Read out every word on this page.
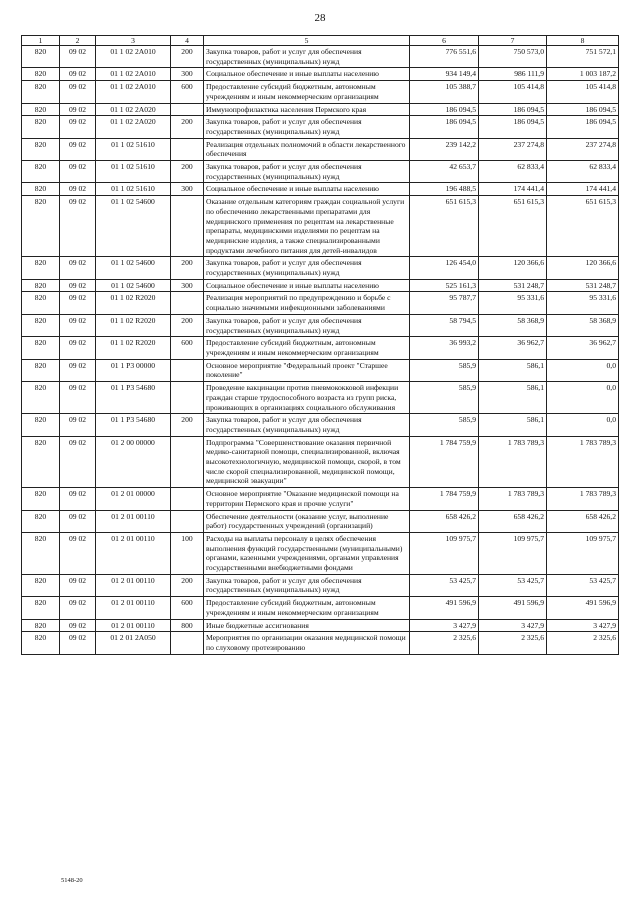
28
1	2	3	4	5	6	7	8
820	09 02	01 1 02 2A010	200	Закупка товаров, работ и услуг для обеспечения государственных (муниципальных) нужд	776 551,6	750 573,0	751 572,1
820	09 02	01 1 02 2A010	300	Социальное обеспечение и иные выплаты населению	934 149,4	986 111,9	1 003 187,2
820	09 02	01 1 02 2A010	600	Предоставление субсидий бюджетным, автономным учреждениям и иным некоммерческим организациям	105 388,7	105 414,8	105 414,8
820	09 02	01 1 02 2A020		Иммунопрофилактика населения Пермского края	186 094,5	186 094,5	186 094,5
820	09 02	01 1 02 2A020	200	Закупка товаров, работ и услуг для обеспечения государственных (муниципальных) нужд	186 094,5	186 094,5	186 094,5
820	09 02	01 1 02 51610		Реализация отдельных полномочий в области лекарственного обеспечения	239 142,2	237 274,8	237 274,8
820	09 02	01 1 02 51610	200	Закупка товаров, работ и услуг для обеспечения государственных (муниципальных) нужд	42 653,7	62 833,4	62 833,4
820	09 02	01 1 02 51610	300	Социальное обеспечение и иные выплаты населению	196 488,5	174 441,4	174 441,4
820	09 02	01 1 02 54600		Оказание отдельным категориям граждан социальной услуги по обеспечению лекарственными препаратами для медицинского применения по рецептам на лекарственные препараты, медицинскими изделиями по рецептам на медицинские изделия, а также специализированными продуктами лечебного питания для детей-инвалидов	651 615,3	651 615,3	651 615,3
820	09 02	01 1 02 54600	200	Закупка товаров, работ и услуг для обеспечения государственных (муниципальных) нужд	126 454,0	120 366,6	120 366,6
820	09 02	01 1 02 54600	300	Социальное обеспечение и иные выплаты населению	525 161,3	531 248,7	531 248,7
820	09 02	01 1 02 R2020		Реализация мероприятий по предупреждению и борьбе с социально значимыми инфекционными заболеваниями	95 787,7	95 331,6	95 331,6
820	09 02	01 1 02 R2020	200	Закупка товаров, работ и услуг для обеспечения государственных (муниципальных) нужд	58 794,5	58 368,9	58 368,9
820	09 02	01 1 02 R2020	600	Предоставление субсидий бюджетным, автономным учреждениям и иным некоммерческим организациям	36 993,2	36 962,7	36 962,7
820	09 02	01 1 P3 00000		Основное мероприятие "Федеральный проект "Старшее поколение"	585,9	586,1	0,0
820	09 02	01 1 P3 54680		Проведение вакцинации против пневмококковой инфекции граждан старше трудоспособного возраста из групп риска, проживающих в организациях социального обслуживания	585,9	586,1	0,0
820	09 02	01 1 P3 54680	200	Закупка товаров, работ и услуг для обеспечения государственных (муниципальных) нужд	585,9	586,1	0,0
820	09 02	01 2 00 00000		Подпрограмма "Совершенствование оказания первичной медико-санитарной помощи, специализированной, включая высокотехнологичную, медицинской помощи, скорой, в том числе скорой специализированной, медицинской помощи, медицинской эвакуации"	1 784 759,9	1 783 789,3	1 783 789,3
820	09 02	01 2 01 00000		Основное мероприятие "Оказание медицинской помощи на территории Пермского края и прочие услуги"	1 784 759,9	1 783 789,3	1 783 789,3
820	09 02	01 2 01 00110		Обеспечение деятельности (оказание услуг, выполнение работ) государственных учреждений (организаций)	658 426,2	658 426,2	658 426,2
820	09 02	01 2 01 00110	100	Расходы на выплаты персоналу в целях обеспечения выполнения функций государственными (муниципальными) органами, казенными учреждениями, органами управления государственными внебюджетными фондами	109 975,7	109 975,7	109 975,7
820	09 02	01 2 01 00110	200	Закупка товаров, работ и услуг для обеспечения государственных (муниципальных) нужд	53 425,7	53 425,7	53 425,7
820	09 02	01 2 01 00110	600	Предоставление субсидий бюджетным, автономным учреждениям и иным некоммерческим организациям	491 596,9	491 596,9	491 596,9
820	09 02	01 2 01 00110	800	Иные бюджетные ассигнования	3 427,9	3 427,9	3 427,9
820	09 02	01 2 01 2A050		Мероприятия по организации оказания медицинской помощи по слуховому протезированию	2 325,6	2 325,6	2 325,6
5148-20
